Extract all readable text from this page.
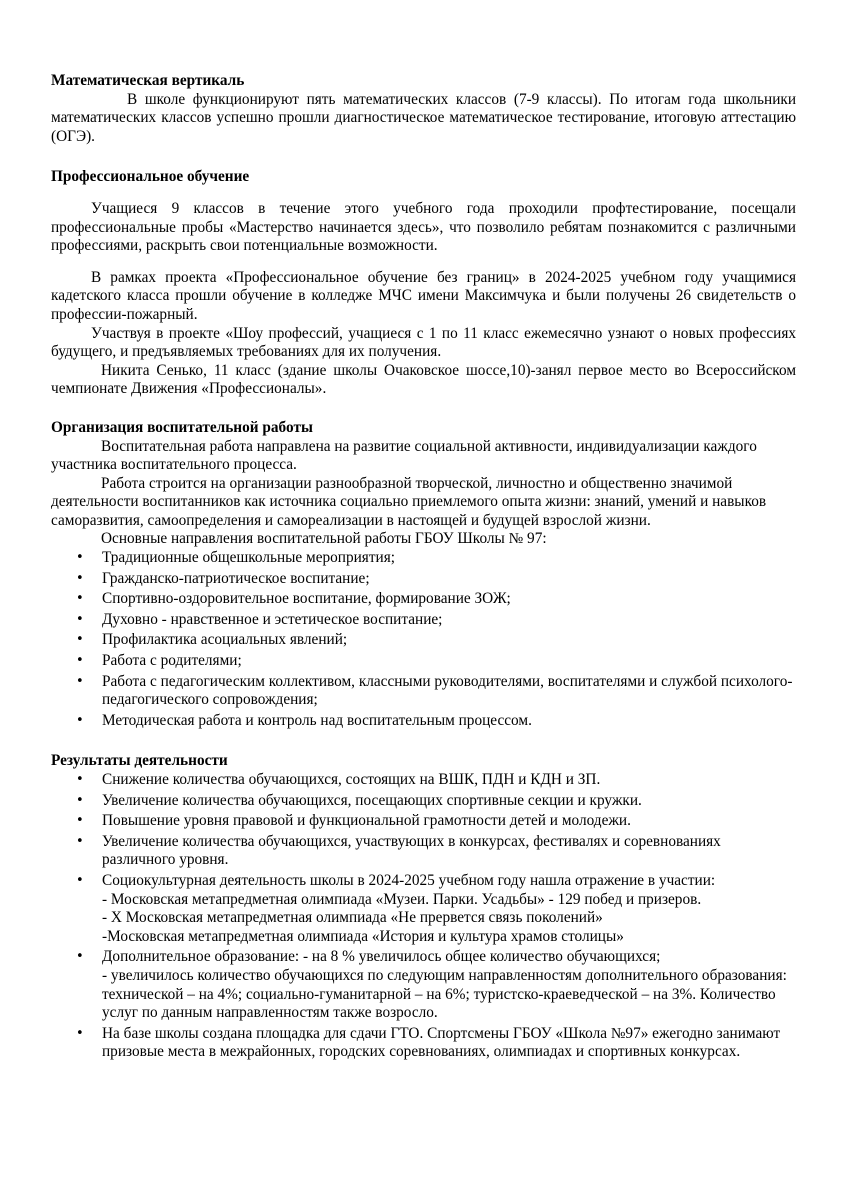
Математическая вертикаль

В школе функционируют пять математических классов (7-9 классы). По итогам года школьники математических классов успешно прошли диагностическое математическое тестирование, итоговую аттестацию (ОГЭ).

Профессиональное обучение

Учащиеся 9 классов в течение этого учебного года проходили профтестирование, посещали профессиональные пробы «Мастерство начинается здесь», что позволило ребятам познакомится с различными профессиями, раскрыть свои потенциальные возможности.

В рамках проекта «Профессиональное обучение без границ» в 2024-2025 учебном году учащимися кадетского класса прошли обучение в колледже МЧС имени Максимчука и были получены 26 свидетельств о профессии-пожарный.

Участвуя в проекте «Шоу профессий, учащиеся с 1 по 11 класс ежемесячно узнают о новых профессиях будущего, и предъявляемых требованиях для их получения.

Никита Сенько, 11 класс (здание школы Очаковское шоссе,10)-занял первое место во Всероссийском чемпионате Движения «Профессионалы».

Организация воспитательной работы

Воспитательная работа направлена на развитие социальной активности, индивидуализации каждого участника воспитательного процесса.

Работа строится на организации разнообразной творческой, личностно и общественно значимой деятельности воспитанников как источника социально приемлемого опыта жизни: знаний, умений и навыков саморазвития, самоопределения и самореализации в настоящей и будущей взрослой жизни.

Основные направления воспитательной работы ГБОУ Школы № 97:

• Традиционные общешкольные мероприятия;
• Гражданско-патриотическое воспитание;
• Спортивно-оздоровительное воспитание, формирование ЗОЖ;
• Духовно - нравственное и эстетическое воспитание;
• Профилактика асоциальных явлений;
• Работа с родителями;
• Работа с педагогическим коллективом, классными руководителями, воспитателями и службой психолого-педагогического сопровождения;
• Методическая работа и контроль над воспитательным процессом.
Результаты деятельности
• Снижение количества обучающихся, состоящих на ВШК, ПДН и КДН и ЗП.
• Увеличение количества обучающихся, посещающих спортивные секции и кружки.
• Повышение уровня правовой и функциональной грамотности детей и молодежи.
• Увеличение количества обучающихся, участвующих в конкурсах, фестивалях и соревнованиях различного уровня.
• Социокультурная деятельность школы в 2024-2025 учебном году нашла отражение в участии:
- Московская метапредметная олимпиада «Музеи. Парки. Усадьбы» - 129 побед и призеров.
- X Московская метапредметная олимпиада «Не прервется связь поколений»
-Московская метапредметная олимпиада «История и культура храмов столицы»
• Дополнительное образование: - на 8 % увеличилось общее количество обучающихся;
- увеличилось количество обучающихся по следующим направленностям дополнительного образования: технической – на 4%; социально-гуманитарной – на 6%; туристско-краеведческой – на 3%. Количество услуг по данным направленностям также возросло.
• На базе школы создана площадка для сдачи ГТО. Спортсмены ГБОУ «Школа №97» ежегодно занимают призовые места в межрайонных, городских соревнованиях, олимпиадах и спортивных конкурсах.
